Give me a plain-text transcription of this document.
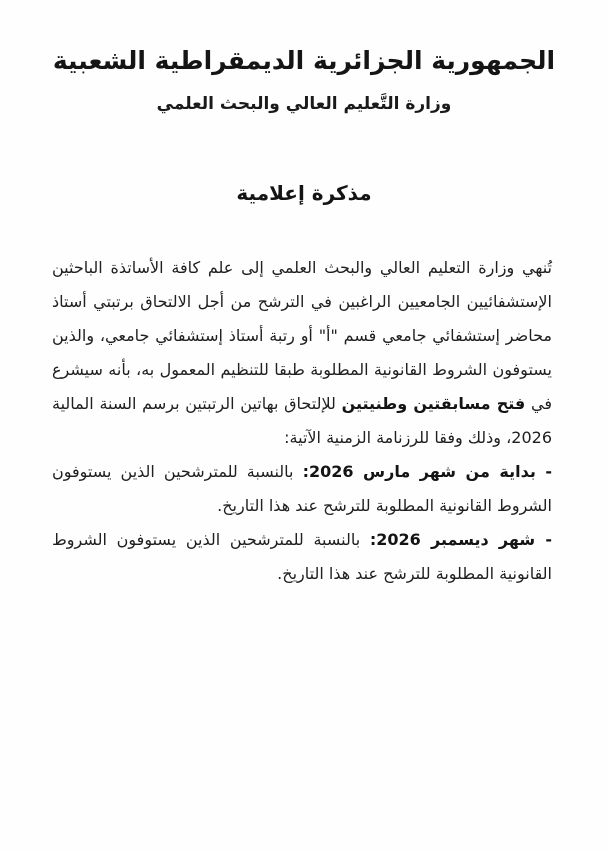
الجمهورية الجزائرية الديمقراطية الشعبية
وزارة التَّعليم العالي والبحث العلمي
مذكرة إعلامية

تُنهي وزارة التعليم العالي والبحث العلمي إلى علم كافة الأساتذة الباحثين الإستشفائيين الجامعيين الراغبين في الترشح من أجل الالتحاق برتبتي أستاذ محاضر إستشفائي جامعي قسم "أ" أو رتبة أستاذ إستشفائي جامعي، والذين يستوفون الشروط القانونية المطلوبة طبقا للتنظيم المعمول به، بأنه سيشرع في فتح مسابقتين وطنيتين للإلتحاق بهاتين الرتبتين برسم السنة المالية 2026، وذلك وفقا للرزنامة الزمنية الآتية:

- بداية من شهر مارس 2026: بالنسبة للمترشحين الذين يستوفون الشروط القانونية المطلوبة للترشح عند هذا التاريخ.

- شهر ديسمبر 2026: بالنسبة للمترشحين الذين يستوفون الشروط القانونية المطلوبة للترشح عند هذا التاريخ.
